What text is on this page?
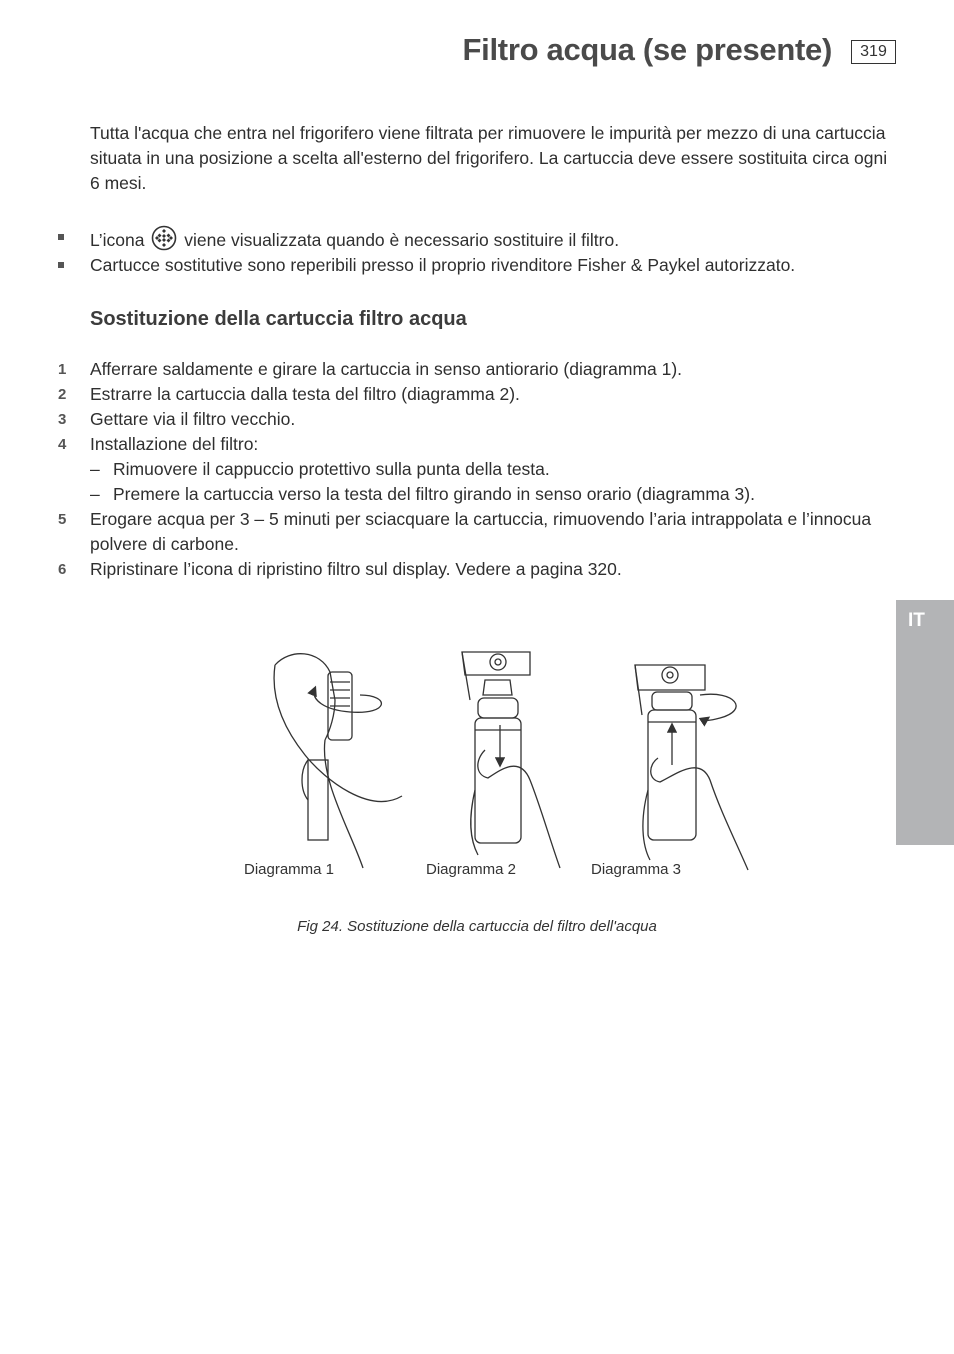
Filtro acqua (se presente)	319
IT
Tutta l'acqua che entra nel frigorifero viene filtrata per rimuovere le impurità per mezzo di una cartuccia situata in una posizione a scelta all'esterno del frigorifero. La cartuccia deve essere sostituita circa ogni 6 mesi.
L’icona viene visualizzata quando è necessario sostituire il filtro.
Cartucce sostitutive sono reperibili presso il proprio rivenditore Fisher & Paykel autorizzato.
Sostituzione della cartuccia filtro acqua
1 Afferrare saldamente e girare la cartuccia in senso antiorario (diagramma 1).
2 Estrarre la cartuccia dalla testa del filtro (diagramma 2).
3 Gettare via il filtro vecchio.
4 Installazione del filtro:
– Rimuovere il cappuccio protettivo sulla punta della testa.
– Premere la cartuccia verso la testa del filtro girando in senso orario (diagramma 3).
5 Erogare acqua per 3 – 5 minuti per sciacquare la cartuccia, rimuovendo l’aria intrappolata e l’innocua polvere di carbone.
6 Ripristinare l’icona di ripristino filtro sul display. Vedere a pagina 320.
Diagramma 1	Diagramma 2	Diagramma 3
Fig 24. Sostituzione della cartuccia del filtro dell'acqua
